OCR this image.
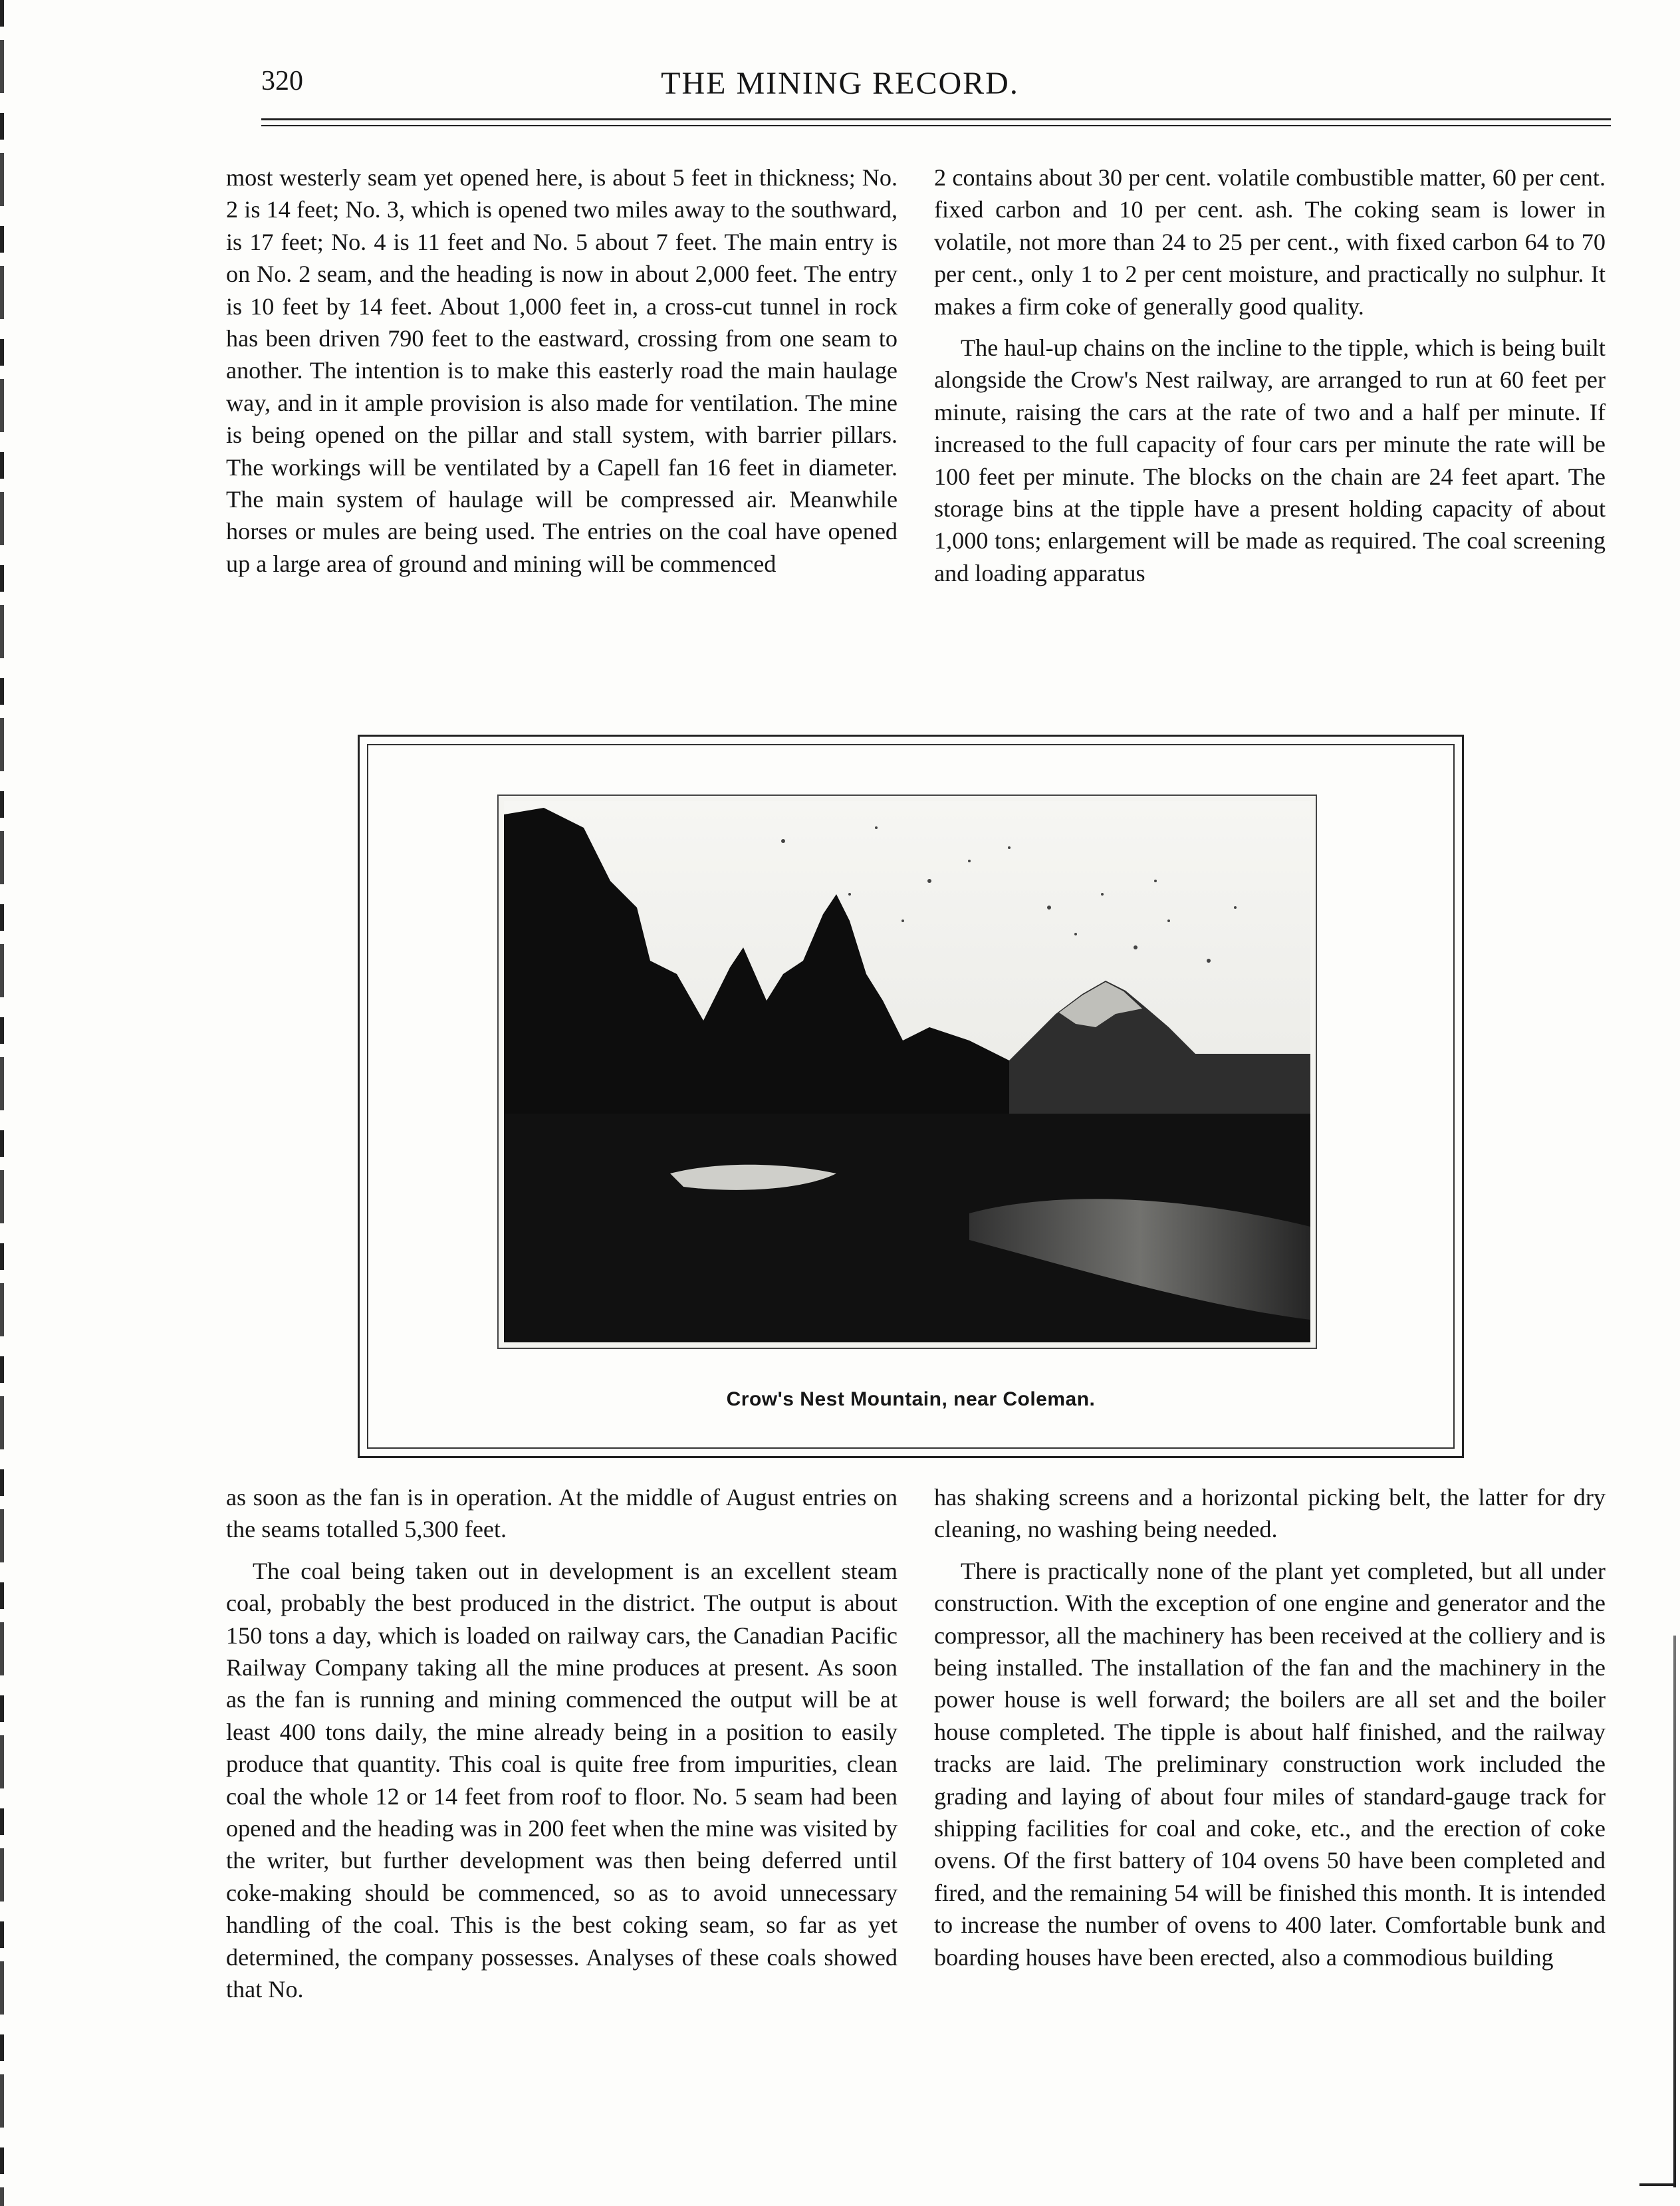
320	THE MINING RECORD.

most westerly seam yet opened here, is about 5 feet in thickness; No. 2 is 14 feet; No. 3, which is opened two miles away to the southward, is 17 feet; No. 4 is 11 feet and No. 5 about 7 feet. The main entry is on No. 2 seam, and the heading is now in about 2,000 feet. The entry is 10 feet by 14 feet. About 1,000 feet in, a cross-cut tunnel in rock has been driven 790 feet to the eastward, crossing from one seam to another. The intention is to make this easterly road the main haulage way, and in it ample provision is also made for ventilation. The mine is being opened on the pillar and stall system, with barrier pillars. The workings will be ventilated by a Capell fan 16 feet in diameter. The main system of haulage will be compressed air. Meanwhile horses or mules are being used. The entries on the coal have opened up a large area of ground and mining will be commenced

2 contains about 30 per cent. volatile combustible matter, 60 per cent. fixed carbon and 10 per cent. ash. The coking seam is lower in volatile, not more than 24 to 25 per cent., with fixed carbon 64 to 70 per cent., only 1 to 2 per cent moisture, and practically no sulphur. It makes a firm coke of generally good quality.

The haul-up chains on the incline to the tipple, which is being built alongside the Crow's Nest railway, are arranged to run at 60 feet per minute, raising the cars at the rate of two and a half per minute. If increased to the full capacity of four cars per minute the rate will be 100 feet per minute. The blocks on the chain are 24 feet apart. The storage bins at the tipple have a present holding capacity of about 1,000 tons; enlargement will be made as required. The coal screening and loading apparatus

Crow's Nest Mountain, near Coleman.

as soon as the fan is in operation. At the middle of August entries on the seams totalled 5,300 feet.

The coal being taken out in development is an excellent steam coal, probably the best produced in the district. The output is about 150 tons a day, which is loaded on railway cars, the Canadian Pacific Railway Company taking all the mine produces at present. As soon as the fan is running and mining commenced the output will be at least 400 tons daily, the mine already being in a position to easily produce that quantity. This coal is quite free from impurities, clean coal the whole 12 or 14 feet from roof to floor. No. 5 seam had been opened and the heading was in 200 feet when the mine was visited by the writer, but further development was then being deferred until coke-making should be commenced, so as to avoid unnecessary handling of the coal. This is the best coking seam, so far as yet determined, the company possesses. Analyses of these coals showed that No.

has shaking screens and a horizontal picking belt, the latter for dry cleaning, no washing being needed.

There is practically none of the plant yet completed, but all under construction. With the exception of one engine and generator and the compressor, all the machinery has been received at the colliery and is being installed. The installation of the fan and the machinery in the power house is well forward; the boilers are all set and the boiler house completed. The tipple is about half finished, and the railway tracks are laid. The preliminary construction work included the grading and laying of about four miles of standard-gauge track for shipping facilities for coal and coke, etc., and the erection of coke ovens. Of the first battery of 104 ovens 50 have been completed and fired, and the remaining 54 will be finished this month. It is intended to increase the number of ovens to 400 later. Comfortable bunk and boarding houses have been erected, also a commodious building
